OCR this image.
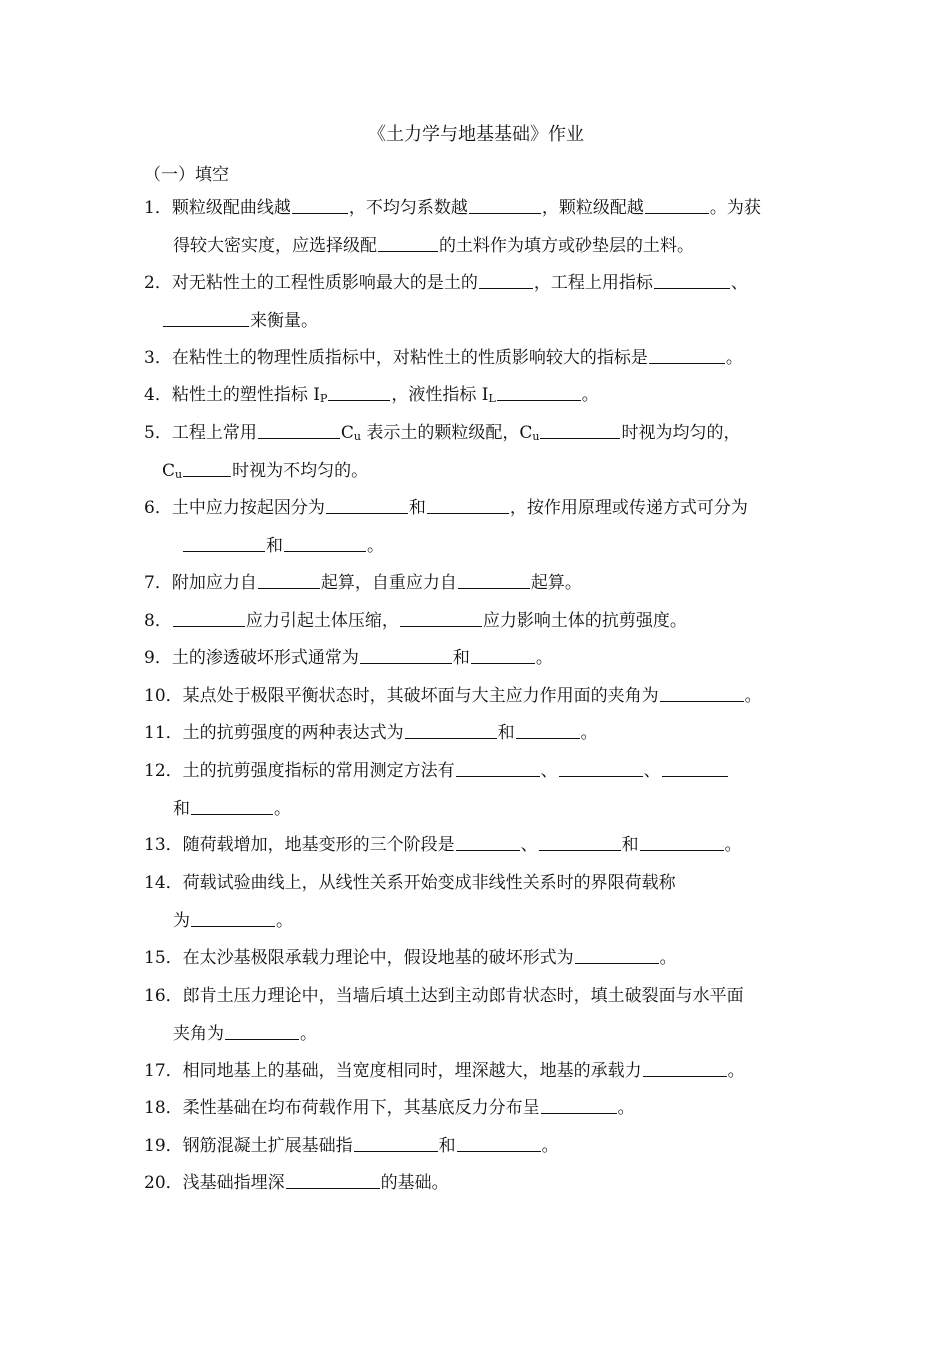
《土力学与地基基础》作业
（一）填空
1．颗粒级配曲线越	，不均匀系数越	，颗粒级配越	。为获
得较大密实度，应选择级配	的土料作为填方或砂垫层的土料。
2．对无粘性土的工程性质影响最大的是土的	，工程上用指标	、
来衡量。
3．在粘性土的物理性质指标中，对粘性土的性质影响较大的指标是	。
4．粘性土的塑性指标 $I_P$	，液性指标 $I_L$	。
5．工程上常用	$C_u$ 表示土的颗粒级配，$C_u$	时视为均匀的，
$C_u$	时视为不均匀的。
6．土中应力按起因分为	和	，按作用原理或传递方式可分为
和	。
7．附加应力自	起算，自重应力自	起算。
8．	应力引起土体压缩，	应力影响土体的抗剪强度。
9．土的渗透破坏形式通常为	和	。
10．某点处于极限平衡状态时，其破坏面与大主应力作用面的夹角为	。
11．土的抗剪强度的两种表达式为	和	。
12．土的抗剪强度指标的常用测定方法有	、	、
和	。
13．随荷载增加，地基变形的三个阶段是	、	和	。
14．荷载试验曲线上，从线性关系开始变成非线性关系时的界限荷载称
为	。
15．在太沙基极限承载力理论中，假设地基的破坏形式为	。
16．郎肯土压力理论中，当墙后填土达到主动郎肯状态时，填土破裂面与水平面
夹角为	。
17．相同地基上的基础，当宽度相同时，埋深越大，地基的承载力	。
18．柔性基础在均布荷载作用下，其基底反力分布呈	。
19．钢筋混凝土扩展基础指	和	。
20．浅基础指埋深	的基础。
